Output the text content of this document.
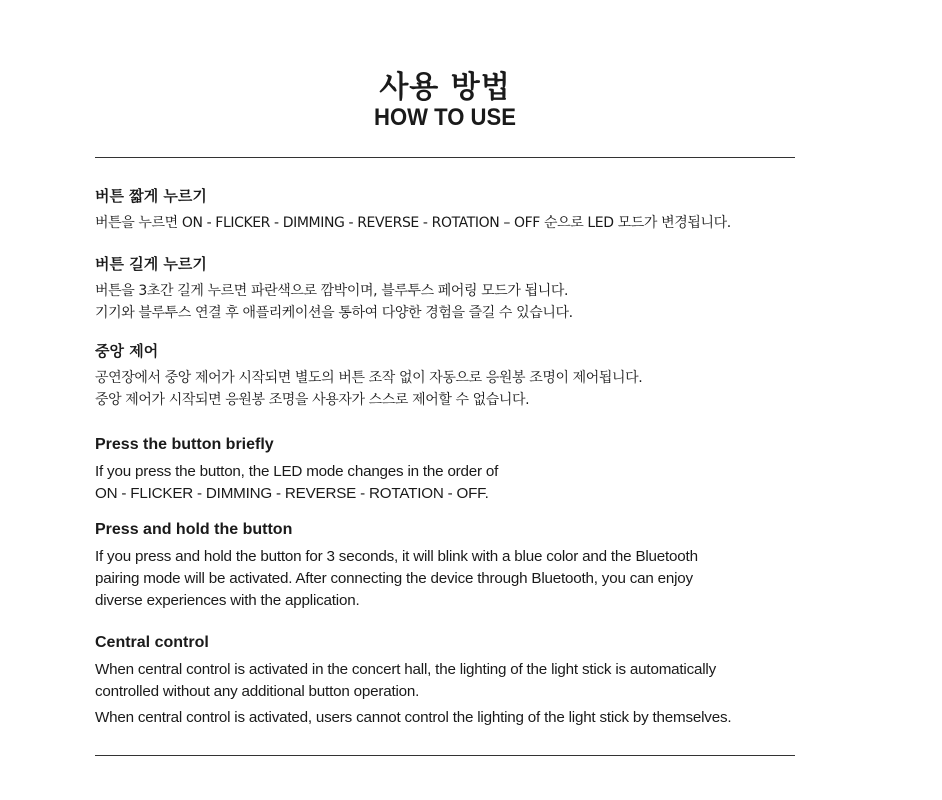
사용 방법
HOW TO USE
버튼 짧게 누르기
버튼을 누르면 ON - FLICKER - DIMMING - REVERSE - ROTATION – OFF 순으로 LED 모드가 변경됩니다.
버튼 길게 누르기
버튼을 3초간 길게 누르면 파란색으로 깜박이며, 블루투스 페어링 모드가 됩니다.
기기와 블루투스 연결 후 애플리케이션을 통하여 다양한 경험을 즐길 수 있습니다.
중앙 제어
공연장에서 중앙 제어가 시작되면 별도의 버튼 조작 없이 자동으로 응원봉 조명이 제어됩니다.
중앙 제어가 시작되면 응원봉 조명을 사용자가 스스로 제어할 수 없습니다.
Press the button briefly
If you press the button, the LED mode changes in the order of
ON - FLICKER - DIMMING - REVERSE - ROTATION - OFF.
Press and hold the button
If you press and hold the button for 3 seconds, it will blink with a blue color and the Bluetooth
pairing mode will be activated. After connecting the device through Bluetooth, you can enjoy
diverse experiences with the application.
Central control
When central control is activated in the concert hall, the lighting of the light stick is automatically
controlled without any additional button operation.
When central control is activated, users cannot control the lighting of the light stick by themselves.
